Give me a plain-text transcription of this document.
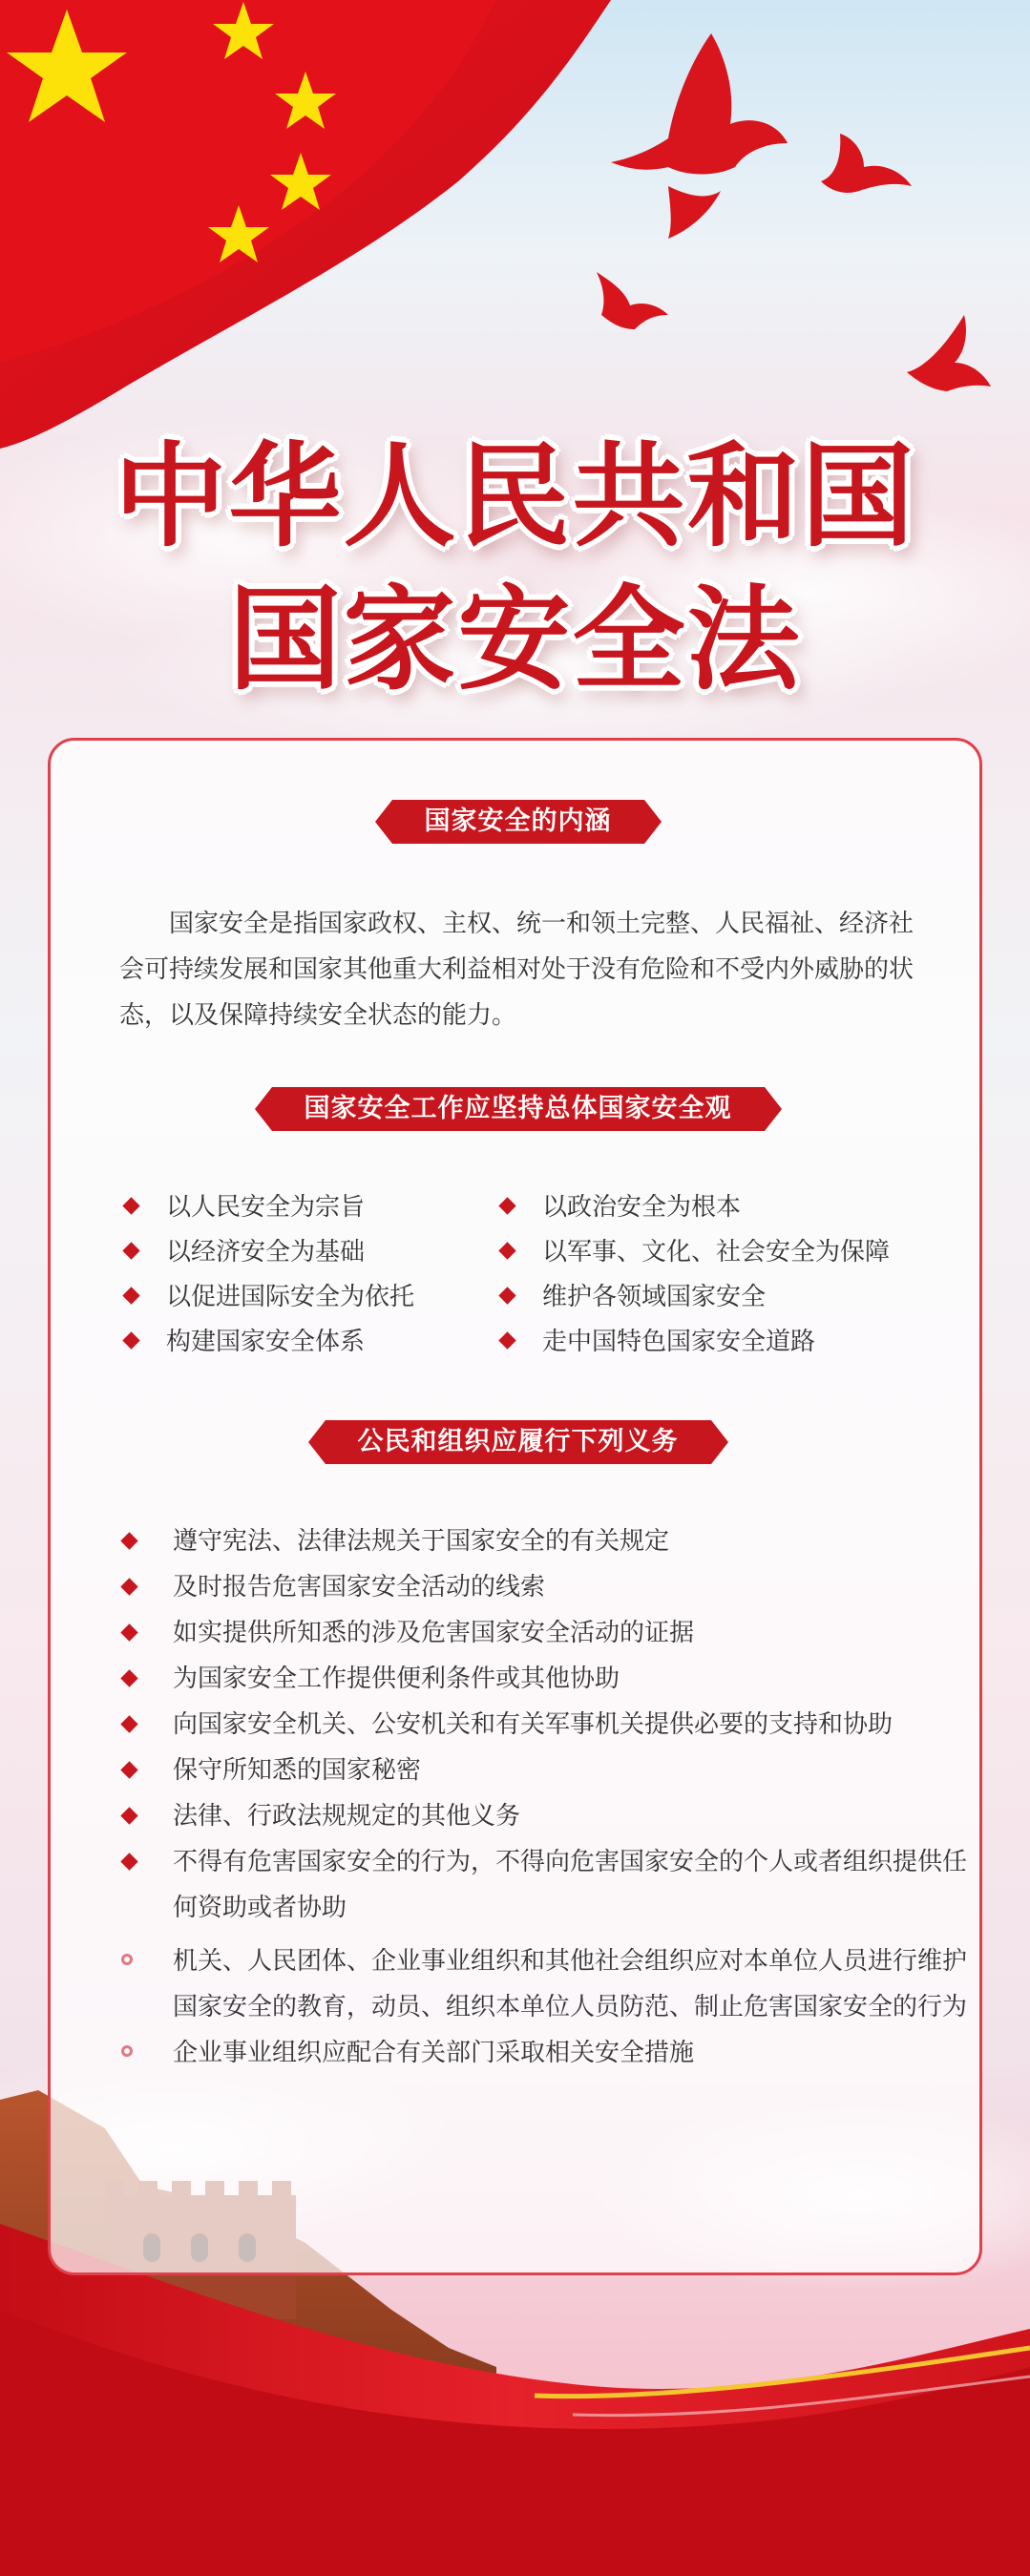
中华人民共和国
国家安全法
国家安全的内涵

国家安全是指国家政权、主权、统一和领土完整、人民福祉、经济社会可持续发展和国家其他重大利益相对处于没有危险和不受内外威胁的状态，以及保障持续安全状态的能力。

国家安全工作应坚持总体国家安全观
以人民安全为宗旨	以政治安全为根本
以经济安全为基础	以军事、文化、社会安全为保障
以促进国际安全为依托	维护各领域国家安全
构建国家安全体系	走中国特色国家安全道路
公民和组织应履行下列义务
遵守宪法、法律法规关于国家安全的有关规定
及时报告危害国家安全活动的线索
如实提供所知悉的涉及危害国家安全活动的证据
为国家安全工作提供便利条件或其他协助
向国家安全机关、公安机关和有关军事机关提供必要的支持和协助
保守所知悉的国家秘密
法律、行政法规规定的其他义务
不得有危害国家安全的行为，不得向危害国家安全的个人或者组织提供任何资助或者协助
机关、人民团体、企业事业组织和其他社会组织应对本单位人员进行维护国家安全的教育，动员、组织本单位人员防范、制止危害国家安全的行为
企业事业组织应配合有关部门采取相关安全措施
